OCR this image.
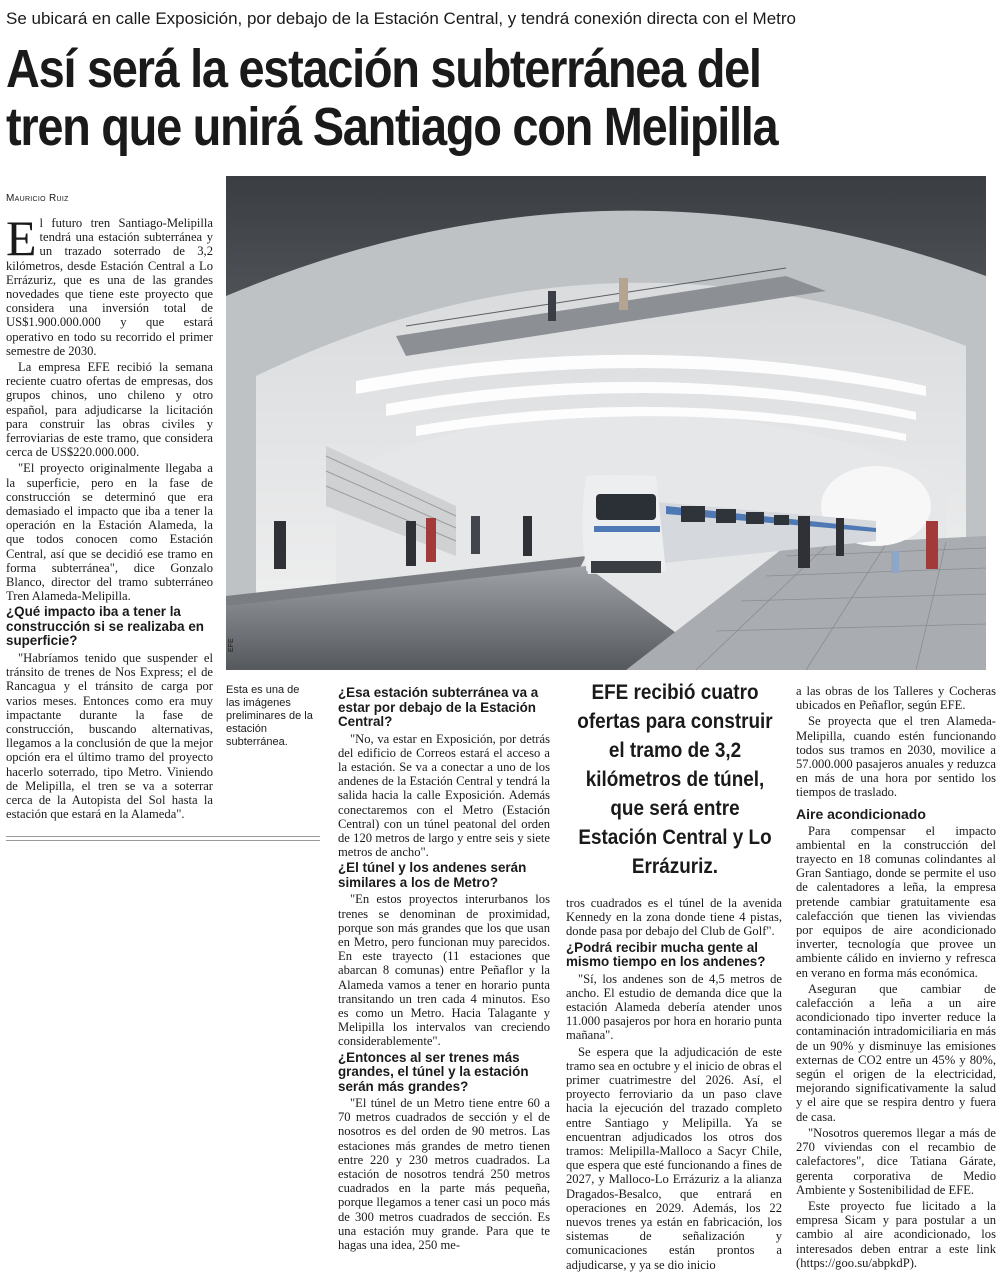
Se ubicará en calle Exposición, por debajo de la Estación Central, y tendrá conexión directa con el Metro
Así será la estación subterránea del
tren que unirá Santiago con Melipilla
Mauricio Ruiz

El futuro tren Santiago-Melipilla tendrá una estación subterránea y un trazado soterrado de 3,2 kilómetros, desde Estación Central a Lo Errázuriz, que es una de las grandes novedades que tiene este proyecto que considera una inversión total de US$1.900.000.000 y que estará operativo en todo su recorrido el primer semestre de 2030.

La empresa EFE recibió la semana reciente cuatro ofertas de empresas, dos grupos chinos, uno chileno y otro español, para adjudicarse la licitación para construir las obras civiles y ferroviarias de este tramo, que considera cerca de US$220.000.000.

"El proyecto originalmente llegaba a la superficie, pero en la fase de construcción se determinó que era demasiado el impacto que iba a tener la operación en la Estación Alameda, la que todos conocen como Estación Central, así que se decidió ese tramo en forma subterránea", dice Gonzalo Blanco, director del tramo subterráneo Tren Alameda-Melipilla.

¿Qué impacto iba a tener la construcción si se realizaba en superficie?

"Habríamos tenido que suspender el tránsito de trenes de Nos Express; el de Rancagua y el tránsito de carga por varios meses. Entonces como era muy impactante durante la fase de construcción, buscando alternativas, llegamos a la conclusión de que la mejor opción era el último tramo del proyecto hacerlo soterrado, tipo Metro. Viniendo de Melipilla, el tren se va a soterrar cerca de la Autopista del Sol hasta la estación que estará en la Alameda".

EFE
Esta es una de las imágenes preliminares de la estación subterránea.
¿Esa estación subterránea va a estar por debajo de la Estación Central?

"No, va estar en Exposición, por detrás del edificio de Correos estará el acceso a la estación. Se va a conectar a uno de los andenes de la Estación Central y tendrá la salida hacia la calle Exposición. Además conectaremos con el Metro (Estación Central) con un túnel peatonal del orden de 120 metros de largo y entre seis y siete metros de ancho".

¿El túnel y los andenes serán similares a los de Metro?

"En estos proyectos interurbanos los trenes se denominan de proximidad, porque son más grandes que los que usan en Metro, pero funcionan muy parecidos. En este trayecto (11 estaciones que abarcan 8 comunas) entre Peñaflor y la Alameda vamos a tener en horario punta transitando un tren cada 4 minutos. Eso es como un Metro. Hacia Talagante y Melipilla los intervalos van creciendo considerablemente".

¿Entonces al ser trenes más grandes, el túnel y la estación serán más grandes?

"El túnel de un Metro tiene entre 60 a 70 metros cuadrados de sección y el de nosotros es del orden de 90 metros. Las estaciones más grandes de metro tienen entre 220 y 230 metros cuadrados. La estación de nosotros tendrá 250 metros cuadrados en la parte más pequeña, porque llegamos a tener casi un poco más de 300 metros cuadrados de sección. Es una estación muy grande. Para que te hagas una idea, 250 me-

EFE recibió cuatro ofertas para construir el tramo de 3,2 kilómetros de túnel, que será entre Estación Central y Lo Errázuriz.

tros cuadrados es el túnel de la avenida Kennedy en la zona donde tiene 4 pistas, donde pasa por debajo del Club de Golf".

¿Podrá recibir mucha gente al mismo tiempo en los andenes?

"Sí, los andenes son de 4,5 metros de ancho. El estudio de demanda dice que la estación Alameda debería atender unos 11.000 pasajeros por hora en horario punta mañana".

Se espera que la adjudicación de este tramo sea en octubre y el inicio de obras el primer cuatrimestre del 2026. Así, el proyecto ferroviario da un paso clave hacia la ejecución del trazado completo entre Santiago y Melipilla. Ya se encuentran adjudicados los otros dos tramos: Melipilla-Malloco a Sacyr Chile, que espera que esté funcionando a fines de 2027, y Malloco-Lo Errázuriz a la alianza Dragados-Besalco, que entrará en operaciones en 2029. Además, los 22 nuevos trenes ya están en fabricación, los sistemas de señalización y comunicaciones están prontos a adjudicarse, y ya se dio inicio

a las obras de los Talleres y Cocheras ubicados en Peñaflor, según EFE.

Se proyecta que el tren Alameda-Melipilla, cuando estén funcionando todos sus tramos en 2030, movilice a 57.000.000 pasajeros anuales y reduzca en más de una hora por sentido los tiempos de traslado.

Aire acondicionado

Para compensar el impacto ambiental en la construcción del trayecto en 18 comunas colindantes al Gran Santiago, donde se permite el uso de calentadores a leña, la empresa pretende cambiar gratuitamente esa calefacción que tienen las viviendas por equipos de aire acondicionado inverter, tecnología que provee un ambiente cálido en invierno y refresca en verano en forma más económica.

Aseguran que cambiar de calefacción a leña a un aire acondicionado tipo inverter reduce la contaminación intradomiciliaria en más de un 90% y disminuye las emisiones externas de CO2 entre un 45% y 80%, según el origen de la electricidad, mejorando significativamente la salud y el aire que se respira dentro y fuera de casa.

"Nosotros queremos llegar a más de 270 viviendas con el recambio de calefactores", dice Tatiana Gárate, gerenta corporativa de Medio Ambiente y Sostenibilidad de EFE.

Este proyecto fue licitado a la empresa Sicam y para postular a un cambio al aire acondicionado, los interesados deben entrar a este link (https://goo.su/abpkdP).
